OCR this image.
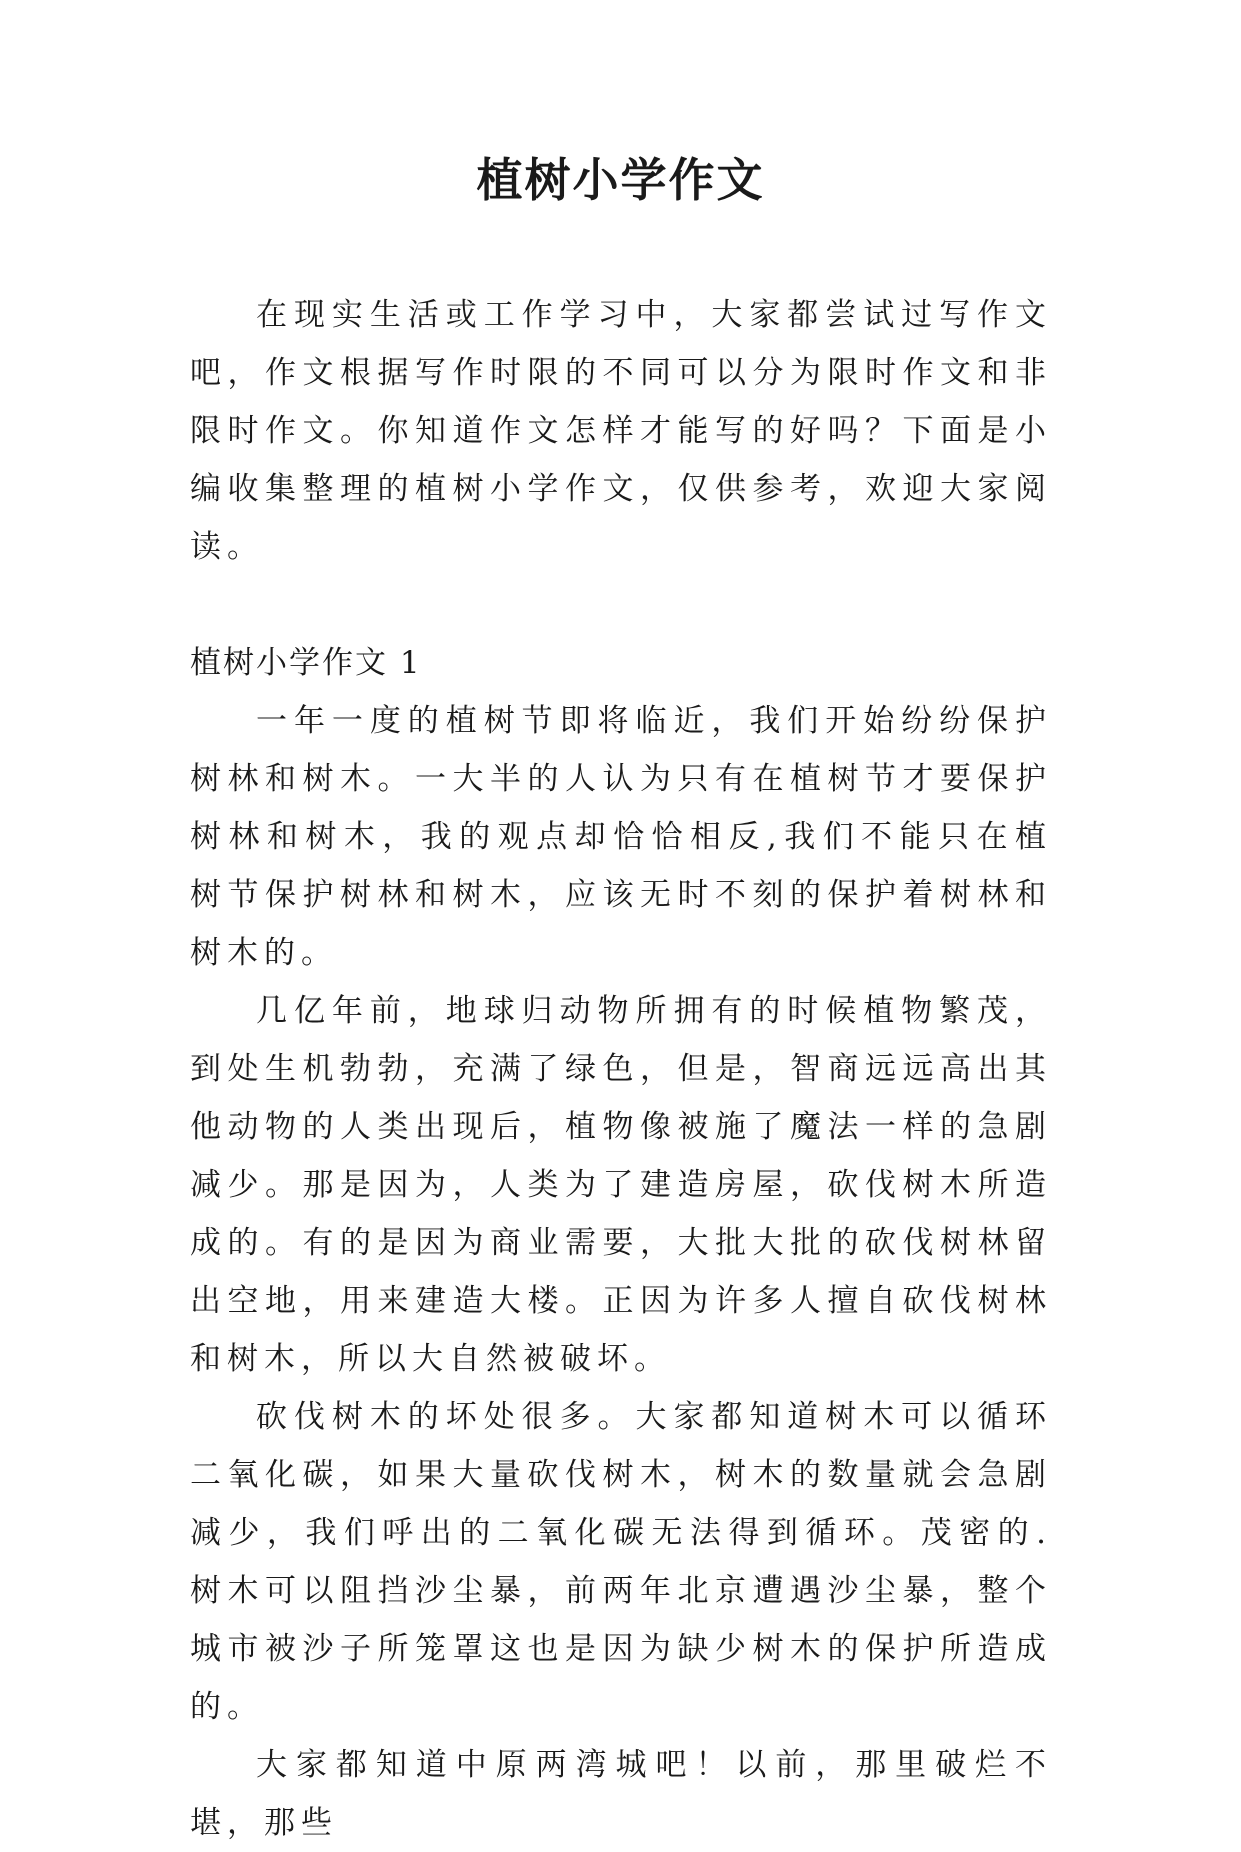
植树小学作文

在现实生活或工作学习中，大家都尝试过写作文吧，作文根据写作时限的不同可以分为限时作文和非限时作文。你知道作文怎样才能写的好吗？下面是小编收集整理的植树小学作文，仅供参考，欢迎大家阅读。

植树小学作文 1

一年一度的植树节即将临近，我们开始纷纷保护树林和树木。一大半的人认为只有在植树节才要保护树林和树木，我的观点却恰恰相反,我们不能只在植树节保护树林和树木，应该无时不刻的保护着树林和树木的。

几亿年前，地球归动物所拥有的时候植物繁茂，到处生机勃勃，充满了绿色，但是，智商远远高出其他动物的人类出现后，植物像被施了魔法一样的急剧减少。那是因为，人类为了建造房屋，砍伐树木所造成的。有的是因为商业需要，大批大批的砍伐树林留出空地，用来建造大楼。正因为许多人擅自砍伐树林和树木，所以大自然被破坏。

砍伐树木的坏处很多。大家都知道树木可以循环二氧化碳，如果大量砍伐树木，树木的数量就会急剧减少，我们呼出的二氧化碳无法得到循环。茂密的.树木可以阻挡沙尘暴，前两年北京遭遇沙尘暴，整个城市被沙子所笼罩这也是因为缺少树木的保护所造成的。

大家都知道中原两湾城吧！以前，那里破烂不堪，那些
